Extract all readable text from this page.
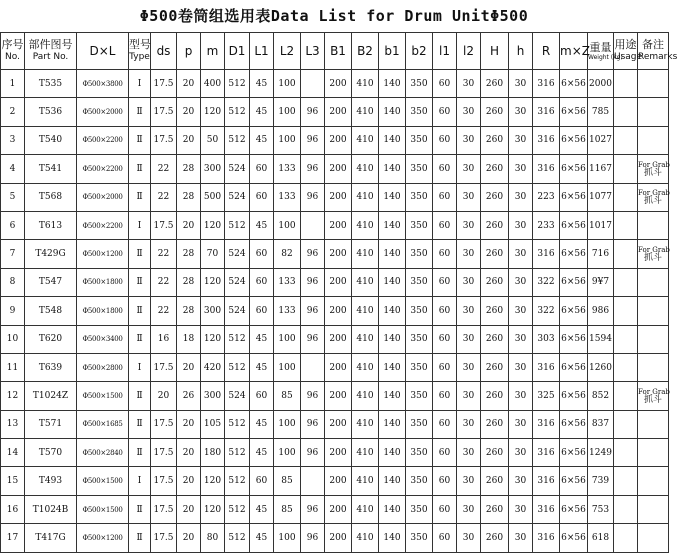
Φ500卷筒组选用表Data List for Drum UnitΦ500
序号
No.	部件图号
Part No.	D×L	型号
Type	ds	p	m	D1	L1	L2	L3	B1	B2	b1	b2	l1	l2	H	h	R	m×Z	重量
Weight (kg)	用途
Usage	备注
Remarks

1	T535	Φ500×3800	Ⅰ	17.5	20	400	512	45	100		200	410	140	350	60	30	260	30	316	6×56	2000		
2	T536	Φ500×2000	Ⅱ	17.5	20	120	512	45	100	96	200	410	140	350	60	30	260	30	316	6×56	785		
3	T540	Φ500×2200	Ⅱ	17.5	20	50	512	45	100	96	200	410	140	350	60	30	260	30	316	6×56	1027		
4	T541	Φ500×2200	Ⅱ	22	28	300	524	60	133	96	200	410	140	350	60	30	260	30	316	6×56	1167		For Grab
抓斗

5	T568	Φ500×2000	Ⅱ	22	28	500	524	60	133	96	200	410	140	350	60	30	260	30	223	6×56	1077		For Grab
抓斗

6	T613	Φ500×2200	Ⅰ	17.5	20	120	512	45	100		200	410	140	350	60	30	260	30	233	6×56	1017		
7	T429G	Φ500×1200	Ⅱ	22	28	70	524	60	82	96	200	410	140	350	60	30	260	30	316	6×56	716		For Grab
抓斗

8	T547	Φ500×1800	Ⅱ	22	28	120	524	60	133	96	200	410	140	350	60	30	260	30	322	6×56	9¥7		
9	T548	Φ500×1800	Ⅱ	22	28	300	524	60	133	96	200	410	140	350	60	30	260	30	322	6×56	986		
10	T620	Φ500×3400	Ⅱ	16	18	120	512	45	100	96	200	410	140	350	60	30	260	30	303	6×56	1594		
11	T639	Φ500×2800	Ⅰ	17.5	20	420	512	45	100		200	410	140	350	60	30	260	30	316	6×56	1260		
12	T1024Z	Φ500×1500	Ⅱ	20	26	300	524	60	85	96	200	410	140	350	60	30	260	30	325	6×56	852		For Grab
抓斗

13	T571	Φ500×1685	Ⅱ	17.5	20	105	512	45	100	96	200	410	140	350	60	30	260	30	316	6×56	837		
14	T570	Φ500×2840	Ⅱ	17.5	20	180	512	45	100	96	200	410	140	350	60	30	260	30	316	6×56	1249		
15	T493	Φ500×1500	Ⅰ	17.5	20	120	512	60	85		200	410	140	350	60	30	260	30	316	6×56	739		
16	T1024B	Φ500×1500	Ⅱ	17.5	20	120	512	45	85	96	200	410	140	350	60	30	260	30	316	6×56	753		
17	T417G	Φ500×1200	Ⅱ	17.5	20	80	512	45	100	96	200	410	140	350	60	30	260	30	316	6×56	618		
